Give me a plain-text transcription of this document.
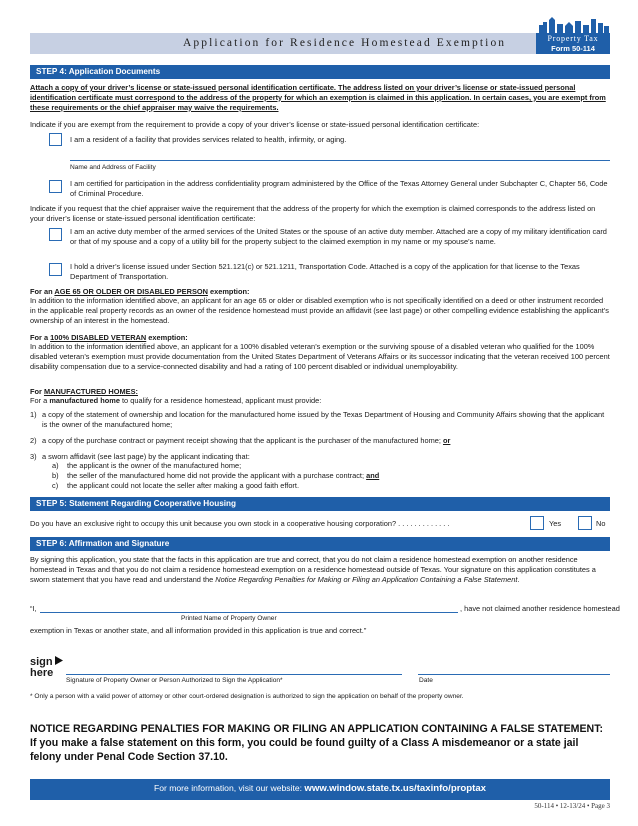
Application for Residence Homestead Exemption	Property Tax
Form 50-114
STEP 4: Application Documents
Attach a copy of your driver’s license or state-issued personal identification certificate. The address listed on your driver’s license or state-issued personal identification certificate must correspond to the address of the property for which an exemption is claimed in this application. In certain cases, you are exempt from these requirements or the chief appraiser may waive the requirements.
Indicate if you are exempt from the requirement to provide a copy of your driver’s license or state-issued personal identification certificate:
I am a resident of a facility that provides services related to health, infirmity, or aging.
Name and Address of Facility
I am certified for participation in the address confidentiality program administered by the Office of the Texas Attorney General under Subchapter C, Chapter 56, Code of Criminal Procedure.
Indicate if you request that the chief appraiser waive the requirement that the address of the property for which the exemption is claimed corresponds to the address listed on your driver’s license or state-issued personal identification certificate:
I am an active duty member of the armed services of the United States or the spouse of an active duty member. Attached are a copy of my military identification card or that of my spouse and a copy of a utility bill for the property subject to the claimed exemption in my name or my spouse’s name.
I hold a driver’s license issued under Section 521.121(c) or 521.1211, Transportation Code. Attached is a copy of the application for that license to the Texas Department of Transportation.
For an AGE 65 OR OLDER OR DISABLED PERSON exemption:
In addition to the information identified above, an applicant for an age 65 or older or disabled exemption who is not specifically identified on a deed or other instrument recorded in the applicable real property records as an owner of the residence homestead must provide an affidavit (see last page) or other compelling evidence establishing the applicant’s ownership of an interest in the homestead.
For a 100% DISABLED VETERAN exemption:
In addition to the information identified above, an applicant for a 100% disabled veteran’s exemption or the surviving spouse of a disabled veteran who qualified for the 100% disabled veteran’s exemption must provide documentation from the United States Department of Veterans Affairs or its successor indicating that the veteran received 100 percent disability compensation due to a service-connected disability and had a rating of 100 percent disabled or individual unemployability.
For MANUFACTURED HOMES:
For a manufactured home to qualify for a residence homestead, applicant must provide:
1) a copy of the statement of ownership and location for the manufactured home issued by the Texas Department of Housing and Community Affairs showing that the applicant is the owner of the manufactured home;
2) a copy of the purchase contract or payment receipt showing that the applicant is the purchaser of the manufactured home; or
3) a sworn affidavit (see last page) by the applicant indicating that:
a)	the applicant is the owner of the manufactured home;
b)	the seller of the manufactured home did not provide the applicant with a purchase contract; and
c)	the applicant could not locate the seller after making a good faith effort.
STEP 5: Statement Regarding Cooperative Housing
Do you have an exclusive right to occupy this unit because you own stock in a cooperative housing corporation? . . . . . . . . . . . . .	Yes	No
STEP 6: Affirmation and Signature
By signing this application, you state that the facts in this application are true and correct, that you do not claim a residence homestead exemption on another residence homestead in Texas and that you do not claim a residence homestead exemption on a residence homestead outside of Texas. Your signature on this application constitutes a sworn statement that you have read and understand the Notice Regarding Penalties for Making or Filing an Application Containing a False Statement.
“I,	, have not claimed another residence homestead
Printed Name of Property Owner
exemption in Texas or another state, and all information provided in this application is true and correct.”
sign
here
Signature of Property Owner or Person Authorized to Sign the Application*	Date
* Only a person with a valid power of attorney or other court-ordered designation is authorized to sign the application on behalf of the property owner.
NOTICE REGARDING PENALTIES FOR MAKING OR FILING AN APPLICATION CONTAINING A FALSE STATEMENT:
If you make a false statement on this form, you could be found guilty of a Class A misdemeanor or a state jail felony under Penal Code Section 37.10.
For more information, visit our website: www.window.state.tx.us/taxinfo/proptax
50-114 • 12-13/24 • Page 3
